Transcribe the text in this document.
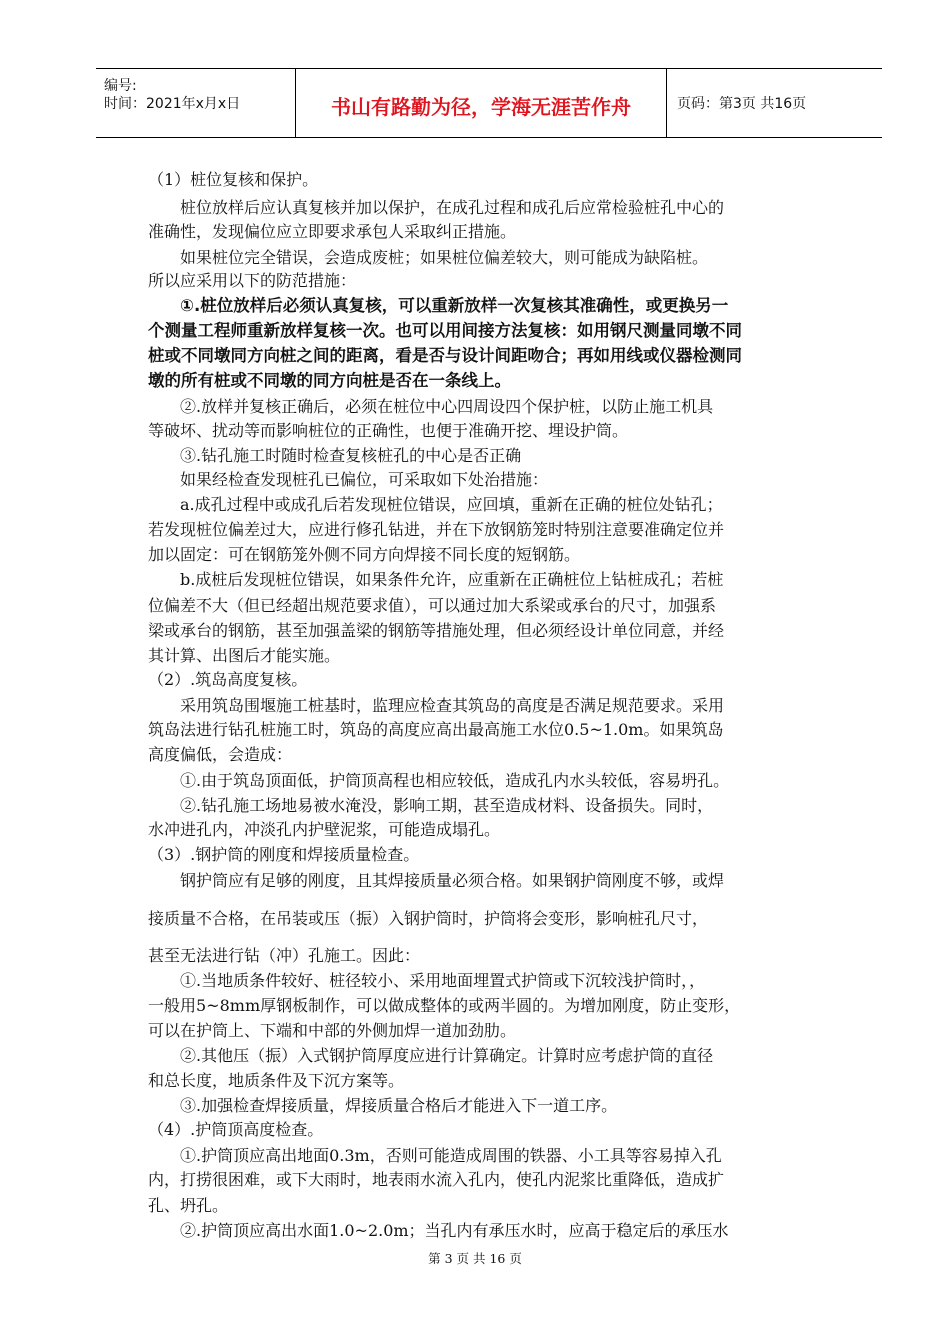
编号:
时间：2021年x月x日	书山有路勤为径，学海无涯苦作舟	页码：第3页 共16页
（1）桩位复核和保护。
桩位放样后应认真复核并加以保护，在成孔过程和成孔后应常检验桩孔中心的
准确性，发现偏位应立即要求承包人采取纠正措施。
如果桩位完全错误，会造成废桩；如果桩位偏差较大，则可能成为缺陷桩。
所以应采用以下的防范措施：
①.桩位放样后必须认真复核，可以重新放样一次复核其准确性，或更换另一
个测量工程师重新放样复核一次。也可以用间接方法复核：如用钢尺测量同墩不同
桩或不同墩同方向桩之间的距离，看是否与设计间距吻合；再如用线或仪器检测同
墩的所有桩或不同墩的同方向桩是否在一条线上。
②.放样并复核正确后，必须在桩位中心四周设四个保护桩，以防止施工机具
等破坏、扰动等而影响桩位的正确性，也便于准确开挖、埋设护筒。
③.钻孔施工时随时检查复核桩孔的中心是否正确
如果经检查发现桩孔已偏位，可采取如下处治措施：
a.成孔过程中或成孔后若发现桩位错误，应回填，重新在正确的桩位处钻孔；
若发现桩位偏差过大，应进行修孔钻进，并在下放钢筋笼时特别注意要准确定位并
加以固定：可在钢筋笼外侧不同方向焊接不同长度的短钢筋。
b.成桩后发现桩位错误，如果条件允许，应重新在正确桩位上钻桩成孔；若桩
位偏差不大（但已经超出规范要求值），可以通过加大系梁或承台的尺寸，加强系
梁或承台的钢筋，甚至加强盖梁的钢筋等措施处理，但必须经设计单位同意，并经
其计算、出图后才能实施。
（2）.筑岛高度复核。
采用筑岛围堰施工桩基时，监理应检查其筑岛的高度是否满足规范要求。采用
筑岛法进行钻孔桩施工时，筑岛的高度应高出最高施工水位0.5~1.0m。如果筑岛
高度偏低，会造成：
①.由于筑岛顶面低，护筒顶高程也相应较低，造成孔内水头较低，容易坍孔。
②.钻孔施工场地易被水淹没，影响工期，甚至造成材料、设备损失。同时，
水冲进孔内，冲淡孔内护壁泥浆，可能造成塌孔。
（3）.钢护筒的刚度和焊接质量检查。
钢护筒应有足够的刚度，且其焊接质量必须合格。如果钢护筒刚度不够，或焊
接质量不合格，在吊装或压（振）入钢护筒时，护筒将会变形，影响桩孔尺寸，
甚至无法进行钻（冲）孔施工。因此：
①.当地质条件较好、桩径较小、采用地面埋置式护筒或下沉较浅护筒时，，
一般用5~8mm厚钢板制作，可以做成整体的或两半圆的。为增加刚度，防止变形，
可以在护筒上、下端和中部的外侧加焊一道加劲肋。
②.其他压（振）入式钢护筒厚度应进行计算确定。计算时应考虑护筒的直径
和总长度，地质条件及下沉方案等。
③.加强检查焊接质量，焊接质量合格后才能进入下一道工序。
（4）.护筒顶高度检查。
①.护筒顶应高出地面0.3m，否则可能造成周围的铁器、小工具等容易掉入孔
内，打捞很困难，或下大雨时，地表雨水流入孔内，使孔内泥浆比重降低，造成扩
孔、坍孔。
②.护筒顶应高出水面1.0~2.0m；当孔内有承压水时，应高于稳定后的承压水
第 3 页 共 16 页
